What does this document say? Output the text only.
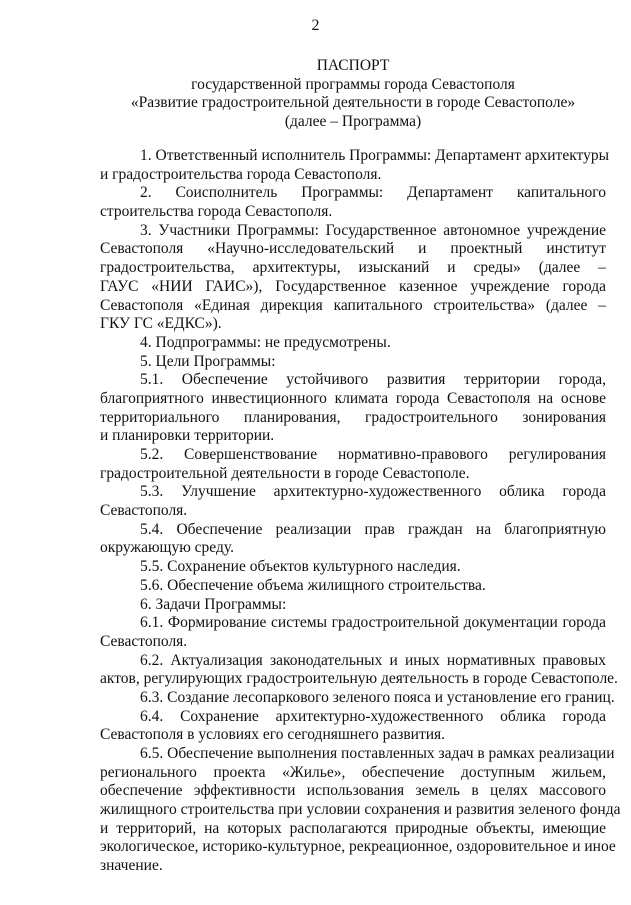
2
ПАСПОРТ
государственной программы города Севастополя
«Развитие градостроительной деятельности в городе Севастополе»
(далее – Программа)
1. Ответственный исполнитель Программы: Департамент архитектуры
и градостроительства города Севастополя.
2. Соисполнитель Программы: Департамент капитального
строительства города Севастополя.
3. Участники Программы: Государственное автономное учреждение
Севастополя «Научно-исследовательский и проектный институт
градостроительства, архитектуры, изысканий и среды» (далее –
ГАУС «НИИ ГАИС»), Государственное казенное учреждение города
Севастополя «Единая дирекция капитального строительства» (далее –
ГКУ ГС «ЕДКС»).
4. Подпрограммы: не предусмотрены.
5. Цели Программы:
5.1. Обеспечение устойчивого развития территории города,
благоприятного инвестиционного климата города Севастополя на основе
территориального планирования, градостроительного зонирования
и планировки территории.
5.2. Совершенствование нормативно-правового регулирования
градостроительной деятельности в городе Севастополе.
5.3. Улучшение архитектурно-художественного облика города
Севастополя.
5.4. Обеспечение реализации прав граждан на благоприятную
окружающую среду.
5.5. Сохранение объектов культурного наследия.
5.6. Обеспечение объема жилищного строительства.
6. Задачи Программы:
6.1. Формирование системы градостроительной документации города
Севастополя.
6.2. Актуализация законодательных и иных нормативных правовых
актов, регулирующих градостроительную деятельность в городе Севастополе.
6.3. Создание лесопаркового зеленого пояса и установление его границ.
6.4. Сохранение архитектурно-художественного облика города
Севастополя в условиях его сегодняшнего развития.
6.5. Обеспечение выполнения поставленных задач в рамках реализации
регионального проекта «Жилье», обеспечение доступным жильем,
обеспечение эффективности использования земель в целях массового
жилищного строительства при условии сохранения и развития зеленого фонда
и территорий, на которых располагаются природные объекты, имеющие
экологическое, историко-культурное, рекреационное, оздоровительное и иное
значение.
